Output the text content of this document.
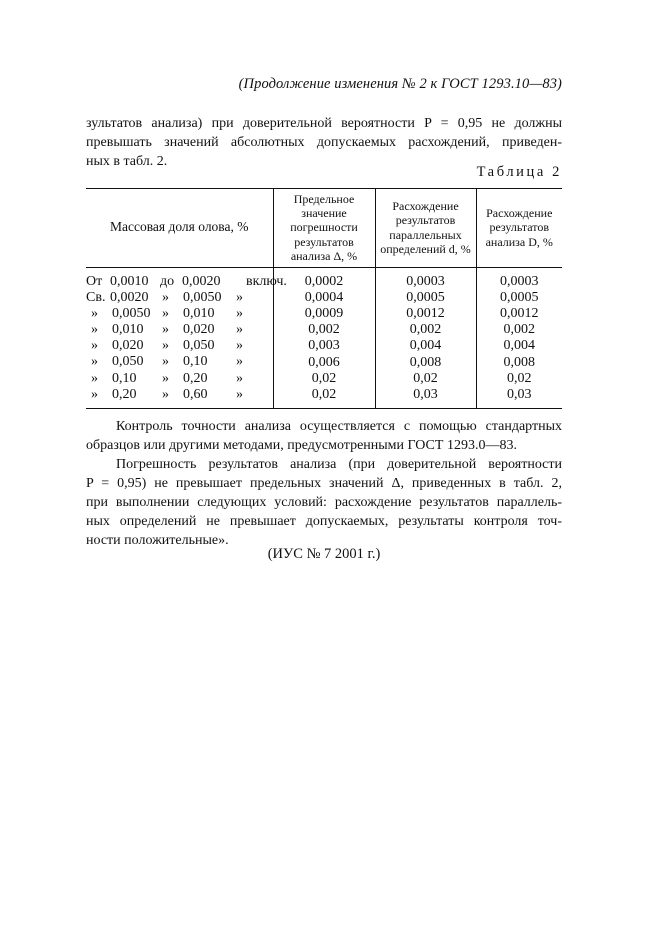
(Продолжение изменения № 2 к ГОСТ 1293.10—83)
зультатов анализа) при доверительной вероятности P = 0,95 не должны
превышать значений абсолютных допускаемых расхождений, приведен-
ных в табл. 2.
Таблица 2
Массовая доля олова, %	Предельное значение погрешности результатов анализа Δ, %	Расхождение результатов параллельных определений d, %	Расхождение результатов анализа D, %

От 0,0010 до 0,0020 включ.	0,0002	0,0003	0,0003

Св. 0,0020 » 0,0050 »	0,0004	0,0005	0,0005

» 0,0050 » 0,010 »	0,0009	0,0012	0,0012

» 0,010 » 0,020 »	0,002	0,002	0,002

» 0,020 » 0,050 »	0,003	0,004	0,004

» 0,050 » 0,10 »	0,006	0,008	0,008

» 0,10 » 0,20 »	0,02	0,02	0,02

» 0,20 » 0,60 »	0,02	0,03	0,03
Контроль точности анализа осуществляется с помощью стандартных
образцов или другими методами, предусмотренными ГОСТ 1293.0—83.
Погрешность результатов анализа (при доверительной вероятности
P = 0,95) не превышает предельных значений Δ, приведенных в табл. 2,
при выполнении следующих условий: расхождение результатов параллель-
ных определений не превышает допускаемых, результаты контроля точ-
ности положительные».
(ИУС № 7 2001 г.)
